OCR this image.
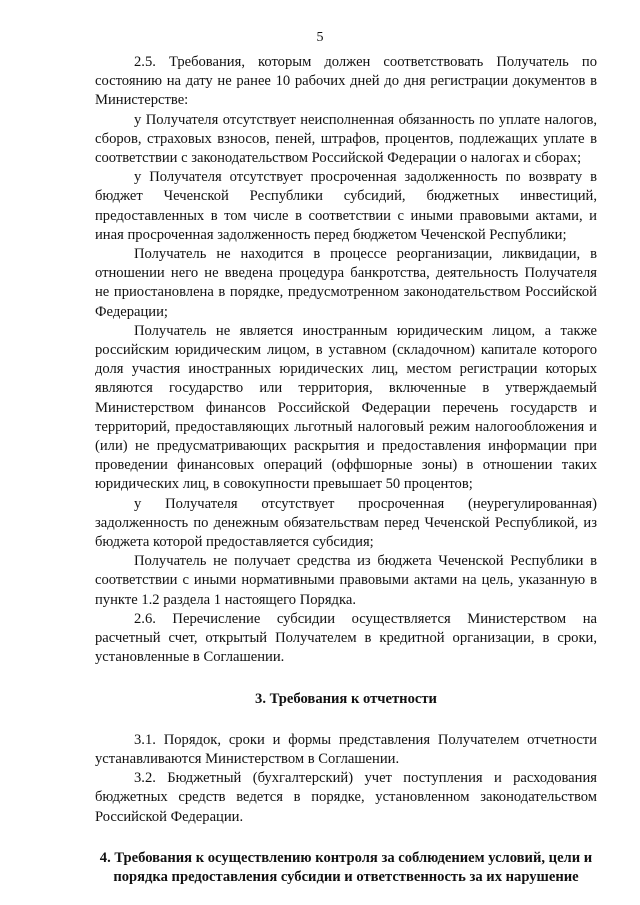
5

2.5. Требования, которым должен соответствовать Получатель по состоянию на дату не ранее 10 рабочих дней до дня регистрации документов в Министерстве:

у Получателя отсутствует неисполненная обязанность по уплате налогов, сборов, страховых взносов, пеней, штрафов, процентов, подлежащих уплате в соответствии с законодательством Российской Федерации о налогах и сборах;

у Получателя отсутствует просроченная задолженность по возврату в бюджет Чеченской Республики субсидий, бюджетных инвестиций, предоставленных в том числе в соответствии с иными правовыми актами, и иная просроченная задолженность перед бюджетом Чеченской Республики;

Получатель не находится в процессе реорганизации, ликвидации, в отношении него не введена процедура банкротства, деятельность Получателя не приостановлена в порядке, предусмотренном законодательством Российской Федерации;

Получатель не является иностранным юридическим лицом, а также российским юридическим лицом, в уставном (складочном) капитале которого доля участия иностранных юридических лиц, местом регистрации которых являются государство или территория, включенные в утверждаемый Министерством финансов Российской Федерации перечень государств и территорий, предоставляющих льготный налоговый режим налогообложения и (или) не предусматривающих раскрытия и предоставления информации при проведении финансовых операций (оффшорные зоны) в отношении таких юридических лиц, в совокупности превышает 50 процентов;

у Получателя отсутствует просроченная (неурегулированная) задолженность по денежным обязательствам перед Чеченской Республикой, из бюджета которой предоставляется субсидия;

Получатель не получает средства из бюджета Чеченской Республики в соответствии с иными нормативными правовыми актами на цель, указанную в пункте 1.2 раздела 1 настоящего Порядка.

2.6. Перечисление субсидии осуществляется Министерством на расчетный счет, открытый Получателем в кредитной организации, в сроки, установленные в Соглашении.

3. Требования к отчетности

3.1. Порядок, сроки и формы представления Получателем отчетности устанавливаются Министерством в Соглашении.

3.2. Бюджетный (бухгалтерский) учет поступления и расходования бюджетных средств ведется в порядке, установленном законодательством Российской Федерации.

4. Требования к осуществлению контроля за соблюдением условий, цели и порядка предоставления субсидии и ответственность за их нарушение
